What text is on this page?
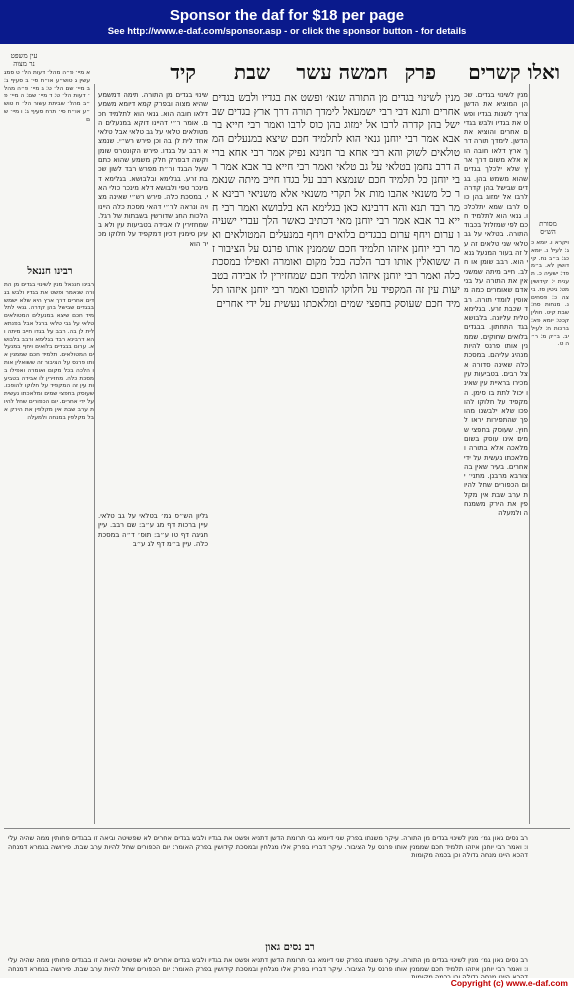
Sponsor the daf for $18 per page
See http://www.e-daf.com/sponsor.asp - or click the sponsor button - for details
עין משפט
נר מצוה
מסורת
הש״ס
ואלו קשרים
פרק
חמשה עשר
שבת
קיד
שינוי בגדים מן התורה. תימה דמשמע שהיא מצוה ובפרק קמא דיומא משמע דלאו חובה הוא. גנאי הוא לתלמיד חכם. אומר ר״י דהיינו דוקא במנעלים המטולאים טלאי על גב טלאי אבל טלאי אחד לית לן בה וכן פירש רש״י. שנמצא רבב על בגדו. פירש הקונטרס שומן וקשה דבפרק חלק משמע שהוא כתם שעל הבגד ור״ת מפרש רבד לשון שכבת זרע. בגלימא ובלבושא. בגלימא דמינכר טפי ולבושא דלא מינכר כולי האי. במסכת כלה. פירש רש״י שאינה מצויה ונראה לר״י דהאי מסכת כלה היינו הלכות החג שדורשין בשבתות של רגל. שמחזירין לו אבידה בטביעות עין ולא בעינן סימנין דכיון דמקפיד על חלוקו מכיר הוא
מנין לשינוי בגדים מן התורה שנא׳ ופשט את בגדיו ולבש בגדים אחרים ותנא דבי רבי ישמעאל לימדך תורה דרך ארץ בגדים שבישל בהן קדרה לרבו אל ימזוג בהן כוס לרבו ואמר רבי חייא בר אבא אמר רבי יוחנן גנאי הוא לתלמיד חכם שיצא במנעלים המטולאים לשוק והא רבי אחא בר חנינא נפיק אמר רבי אחא בריה דרב נחמן בטלאי על גב טלאי ואמר רבי חייא בר אבא אמר רבי יוחנן כל תלמיד חכם שנמצא רבב על בגדו חייב מיתה שנאמר כל משנאי אהבו מות אל תקרי משנאי אלא משניאי רבינא אמר רבד תנא והא דרבינא כאן בגלימא הא בלבושא ואמר רבי חייא בר אבא אמר רבי יוחנן מאי דכתיב כאשר הלך עבדי ישעיהו ערום ויחף ערום בבגדים בלואים ויחף במנעלים המטולאים ואמר רבי יוחנן איזהו תלמיד חכם שממנין אותו פרנס על הציבור זה ששואלין אותו דבר הלכה בכל מקום ואומרה ואפילו במסכת כלה ואמר רבי יוחנן איזהו תלמיד חכם שמחזירין לו אבידה בטביעות עין זה המקפיד על חלוקו להופכו ואמר רבי יוחנן איזהו תלמיד חכם שעוסק בחפצי שמים ומלאכתו נעשית על ידי אחרים
מנין לשינוי בגדים. שכהן המוציא את הדשן צריך לשנות בגדיו ופשט את בגדיו ולבש בגדים אחרים והוציא את הדשן. לימדך תורה דרך ארץ דלאו חובה הוא אלא משום דרך ארץ שלא ילכלך בגדים שהוא משמש בהן. בגדים שבישל בהן קדרה לרבו אל ימזוג בהן כוס לרבו שמא יתלכלכו. גנאי הוא לתלמיד חכם לפי שמזלזל בכבוד התורה. בטלאי על גב טלאי שני טלאים זה על זה בעור המנעל גנאי הוא. רבב שומן או חלב. חייב מיתה שמשניאין את התורה על בני אדם שאומרים כמה מאוסין לומדי תורה. רבד שכבת זרע. בגלימא טלית עליונה. בלבושא בגד התחתון. בבגדים בלואים שחוקים. שממנין אותו פרנס להיות מנהיג עליהם. במסכת כלה שאינה סדורה אצל רבים. בטביעות עין מכירו בראיית עין שאינו יכול לתת בו סימן. המקפיד על חלוקו להופכו שלא ילבשנו מהופך שהתפירות יראו לחוץ. שעוסק בחפצי שמים אינו עוסק בשום מלאכה אלא בתורה ומלאכתו נעשית על ידי אחרים. בעיר שאין בה צורבא מרבנן. מתני׳ יום הכפורים שחל להיות ערב שבת אין מקלפין את הירק משמנחה ולמעלה
ויקרא ו. יומא כג: לעיל נ. יומא כג: ב״ב נח. קידושין לא. ב״מ פד: ישעיה כ. תענית י: קידושין מט: גיטין סז. ביצה כ: פסחים נ. מנחות סח: שבת קיט. חולין קכט: יומא פא: ברכות ח: לעיל יב. ב״ק מ: ר״ה ט.
א מיי׳ פ״ה מהל׳ דעות הל׳ ט סמג עשין ג טוש״ע או״ח סי׳ ב סעיף ג: ב מיי׳ שם הל׳ ט: ג מיי׳ פ״ה מהל׳ דעות הל׳ ט: ד מיי׳ שם: ה מיי׳ פ״ב מהל׳ שביתת עשור הל׳ ח טוש״ע או״ח סי׳ תרח סעיף ג: ו מיי׳ שם
רבינו חננאל
רבינו חננאל מנין לשינוי בגדים מן התורה שנאמר ופשט את בגדיו ולבש בגדים אחרים דרך ארץ היא שלא ישמש בבגדים שבישל בהן קדרה. גנאי לתלמיד חכם שיצא במנעלים המטולאים טלאי על גבי טלאי ברגל אבל בפנתא לית לן בה. רבב על בגדו חייב מיתה והא דרבינא רבד בגלימא ורבב בלבושא. ערום בבגדים בלואים ויחף במנעלים המטולאים. תלמיד חכם שממנין אותו פרנס על הציבור זה ששואלין אותו הלכה בכל מקום ואומרה ואפילו במסכת כלה. מחזירין לו אבידה בטביעות עין זה המקפיד על חלוקו להופכו. שעוסק בחפצי שמים ומלאכתו נעשית על ידי אחרים. יום הכפורים שחל להיות ערב שבת אין מקלפין את הירק אבל מקלפין במנחה ולמעלה
גליון הש״ס גמ׳ בטלאי על גב טלאי. עיין ברכות דף מג ע״ב: שם רבב. עיין חגיגה דף טו ע״ב: תוס׳ ד״ה במסכת כלה. עיין ב״מ דף לג ע״ב
רב נסים גאון
רב נסים גאון גמ׳ מנין לשינוי בגדים מן התורה. עיקר משנתו בפרק שני דיומא גבי תרומת הדשן דתניא ופשט את בגדיו ולבש בגדים אחרים לא שפשיטה וביאה זו בבגדים פחותין ממה שהיה עליו: ואמר רבי יוחנן איזהו תלמיד חכם שממנין אותו פרנס על הציבור. עיקר דבריו בפרק אלו מגלחין ובמסכת קידושין בפרק האומר: יום הכפורים שחל להיות ערב שבת. פירושה בגמרא דמנחה דהכא היינו מנחה גדולה וכן בכמה מקומות
רב נסים גאון גמ׳ מנין לשינוי בגדים מן התורה. עיקר משנתו בפרק שני דיומא גבי תרומת הדשן דתניא ופשט את בגדיו ולבש בגדים אחרים לא שפשיטה וביאה זו בבגדים פחותין ממה שהיה עליו: ואמר רבי יוחנן איזהו תלמיד חכם שממנין אותו פרנס על הציבור. עיקר דבריו בפרק אלו מגלחין ובמסכת קידושין בפרק האומר: יום הכפורים שחל להיות ערב שבת. פירושה בגמרא דמנחה
Copyright (c) www.e-daf.com
